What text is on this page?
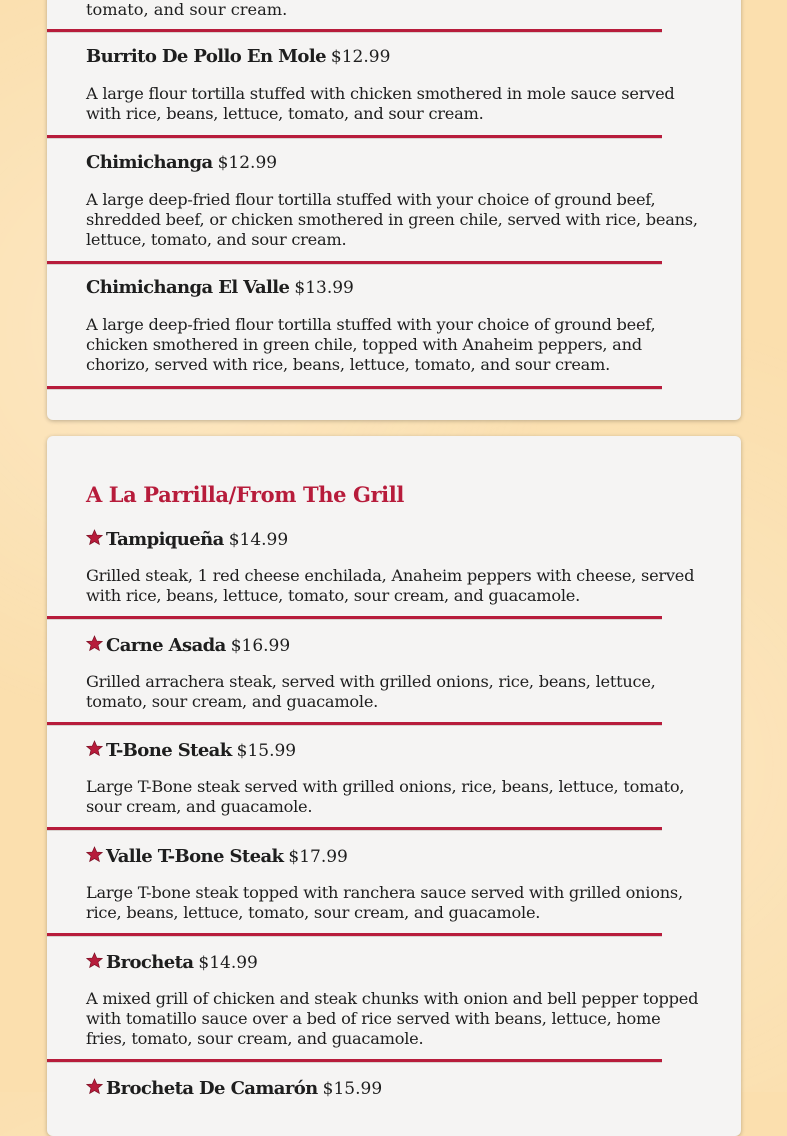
tomato, and sour cream.
Burrito De Pollo En Mole $12.99
A large flour tortilla stuffed with chicken smothered in mole sauce served with rice, beans, lettuce, tomato, and sour cream.
Chimichanga $12.99
A large deep-fried flour tortilla stuffed with your choice of ground beef, shredded beef, or chicken smothered in green chile, served with rice, beans, lettuce, tomato, and sour cream.
Chimichanga El Valle $13.99
A large deep-fried flour tortilla stuffed with your choice of ground beef, chicken smothered in green chile, topped with Anaheim peppers, and chorizo, served with rice, beans, lettuce, tomato, and sour cream.
A La Parrilla/From The Grill
Tampiqueña $14.99
Grilled steak, 1 red cheese enchilada, Anaheim peppers with cheese, served with rice, beans, lettuce, tomato, sour cream, and guacamole.
Carne Asada $16.99
Grilled arrachera steak, served with grilled onions, rice, beans, lettuce, tomato, sour cream, and guacamole.
T-Bone Steak $15.99
Large T-Bone steak served with grilled onions, rice, beans, lettuce, tomato, sour cream, and guacamole.
Valle T-Bone Steak $17.99
Large T-bone steak topped with ranchera sauce served with grilled onions, rice, beans, lettuce, tomato, sour cream, and guacamole.
Brocheta $14.99
A mixed grill of chicken and steak chunks with onion and bell pepper topped with tomatillo sauce over a bed of rice served with beans, lettuce, home fries, tomato, sour cream, and guacamole.
Brocheta De Camarón $15.99
